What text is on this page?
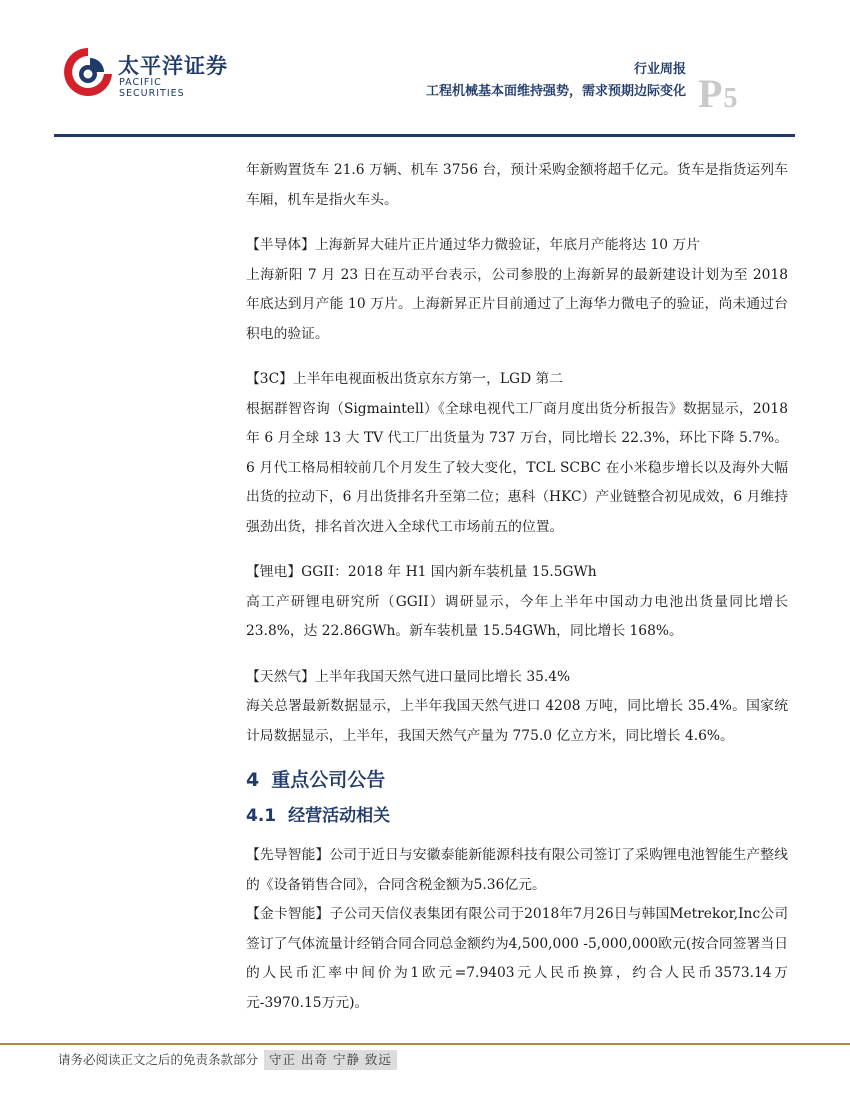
太平洋证券
PACIFIC SECURITIES
行业周报
工程机械基本面维持强势，需求预期边际变化 P5

年新购置货车 21.6 万辆、机车 3756 台，预计采购金额将超千亿元。货车是指货运列车车厢，机车是指火车头。

【半导体】上海新昇大硅片正片通过华力微验证，年底月产能将达 10 万片

上海新阳 7 月 23 日在互动平台表示，公司参股的上海新昇的最新建设计划为至 2018 年底达到月产能 10 万片。上海新昇正片目前通过了上海华力微电子的验证，尚未通过台积电的验证。

【3C】上半年电视面板出货京东方第一，LGD 第二

根据群智咨询（Sigmaintell）《全球电视代工厂商月度出货分析报告》数据显示，2018 年 6 月全球 13 大 TV 代工厂出货量为 737 万台，同比增长 22.3%，环比下降 5.7%。6 月代工格局相较前几个月发生了较大变化，TCL SCBC 在小米稳步增长以及海外大幅出货的拉动下，6 月出货排名升至第二位；惠科（HKC）产业链整合初见成效，6 月维持强劲出货，排名首次进入全球代工市场前五的位置。

【锂电】GGII：2018 年 H1 国内新车装机量 15.5GWh

高工产研锂电研究所（GGII）调研显示，今年上半年中国动力电池出货量同比增长 23.8%，达 22.86GWh。新车装机量 15.54GWh，同比增长 168%。

【天然气】上半年我国天然气进口量同比增长 35.4%

海关总署最新数据显示，上半年我国天然气进口 4208 万吨，同比增长 35.4%。国家统计局数据显示，上半年，我国天然气产量为 775.0 亿立方米，同比增长 4.6%。

4 重点公司公告
4.1 经营活动相关

【先导智能】公司于近日与安徽泰能新能源科技有限公司签订了采购锂电池智能生产整线的《设备销售合同》，合同含税金额为5.36亿元。

【金卡智能】子公司天信仪表集团有限公司于2018年7月26日与韩国Metrekor,Inc公司签订了气体流量计经销合同合同总金额约为4,500,000 -5,000,000欧元(按合同签署当日的人民币汇率中间价为1欧元=7.9403元人民币换算，约合人民币3573.14万元-3970.15万元)。

请务必阅读正文之后的免责条款部分 守正 出奇 宁静 致远
